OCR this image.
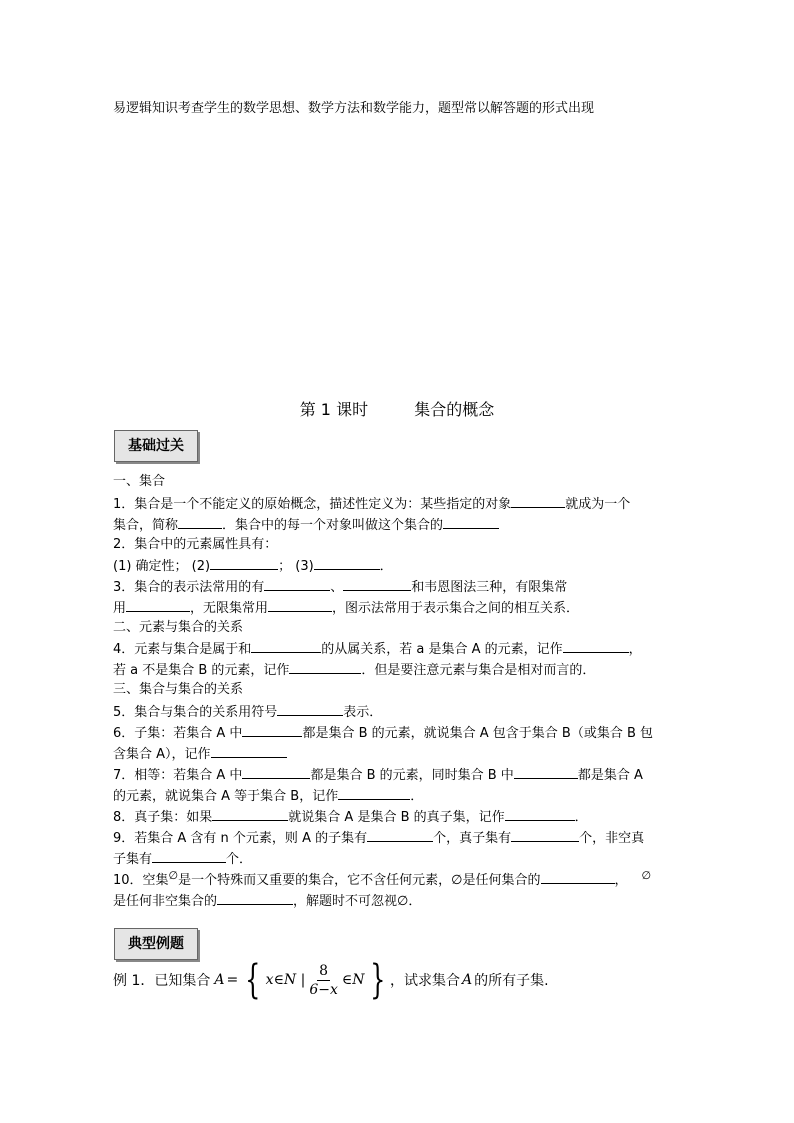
易逻辑知识考查学生的数学思想、数学方法和数学能力，题型常以解答题的形式出现
第 1 课时	集合的概念
基础过关
一、集合
1．集合是一个不能定义的原始概念，描述性定义为：某些指定的对象	就成为一个
集合，简称	．集合中的每一个对象叫做这个集合的
2．集合中的元素属性具有：
(1) 确定性； (2)	； (3)	．
3．集合的表示法常用的有	、	和韦恩图法三种，有限集常
用	，无限集常用	，图示法常用于表示集合之间的相互关系．
二、元素与集合的关系
4．元素与集合是属于和	的从属关系，若 a 是集合 A 的元素，记作	，
若 a 不是集合 B 的元素，记作	．但是要注意元素与集合是相对而言的．
三、集合与集合的关系
5．集合与集合的关系用符号	表示．
6．子集：若集合 A 中	都是集合 B 的元素，就说集合 A 包含于集合 B（或集合 B 包
含集合 A），记作
7．相等：若集合 A 中	都是集合 B 的元素，同时集合 B 中	都是集合 A
的元素，就说集合 A 等于集合 B，记作	．
8．真子集：如果	就说集合 A 是集合 B 的真子集，记作	．
9．若集合 A 含有 n 个元素，则 A 的子集有	个，真子集有	个，非空真
子集有	个．
10．空集∅是一个特殊而又重要的集合，它不含任何元素，∅是任何集合的	， ∅
是任何非空集合的	，解题时不可忽视∅．
典型例题
例 1．已知集合 A = { x∈N | $\frac{8}{6-x}$ ∈N } ，试求集合 A 的所有子集.
